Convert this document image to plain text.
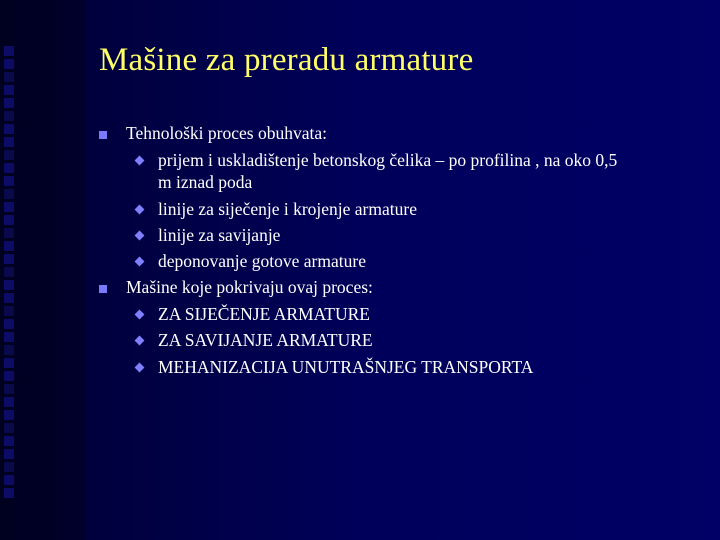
Mašine za preradu armature
Tehnološki proces obuhvata:
prijem i uskladištenje betonskog čelika – po profilina , na oko 0,5
m iznad poda
linije za siječenje i krojenje armature
linije za savijanje
deponovanje gotove armature
Mašine koje pokrivaju ovaj proces:
ZA SIJEČENJE ARMATURE
ZA SAVIJANJE ARMATURE
MEHANIZACIJA UNUTRAŠNJEG TRANSPORTA
